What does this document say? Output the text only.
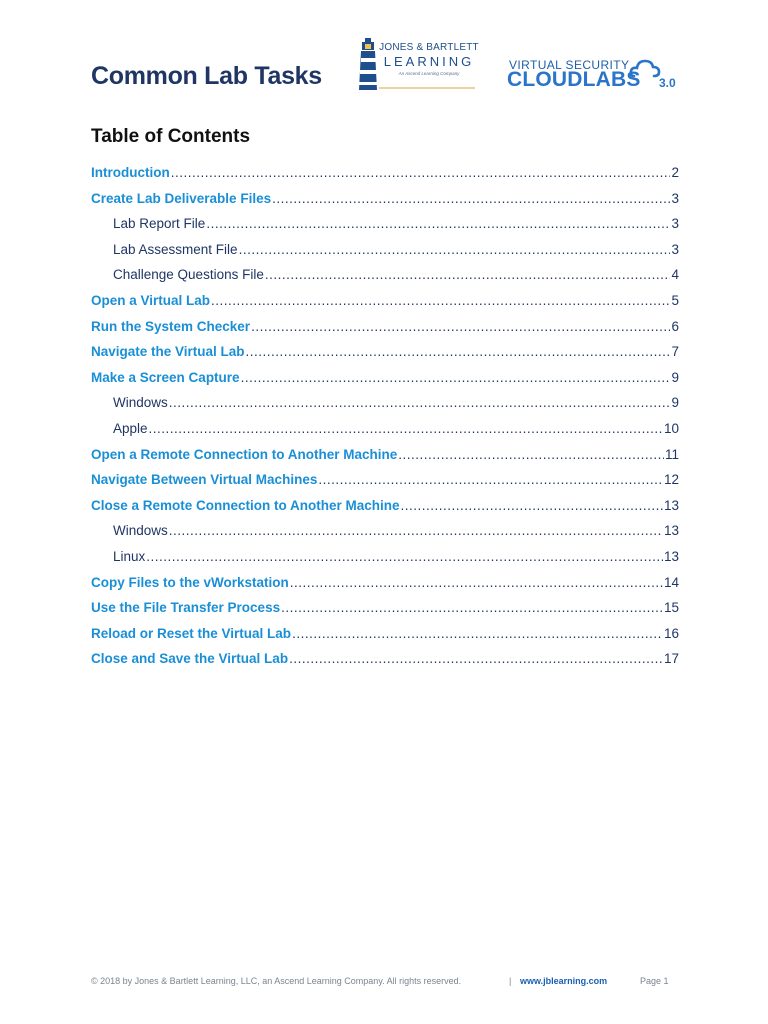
Common Lab Tasks
JONES & BARTLETT
LEARNING
An Ascend Learning Company
VIRTUAL SECURITY
CLOUDLABS 3.0
Table of Contents
Introduction .....	2
Create Lab Deliverable Files .....	3
Lab Report File .....	3
Lab Assessment File .....	3
Challenge Questions File .....	4
Open a Virtual Lab .....	5
Run the System Checker .....	6
Navigate the Virtual Lab .....	7
Make a Screen Capture .....	9
Windows .....	9
Apple .....	10
Open a Remote Connection to Another Machine .....	11
Navigate Between Virtual Machines .....	12
Close a Remote Connection to Another Machine .....	13
Windows .....	13
Linux .....	13
Copy Files to the vWorkstation .....	14
Use the File Transfer Process .....	15
Reload or Reset the Virtual Lab .....	16
Close and Save the Virtual Lab .....	17
© 2018 by Jones & Bartlett Learning, LLC, an Ascend Learning Company. All rights reserved.	| www.jblearning.com	Page 1
